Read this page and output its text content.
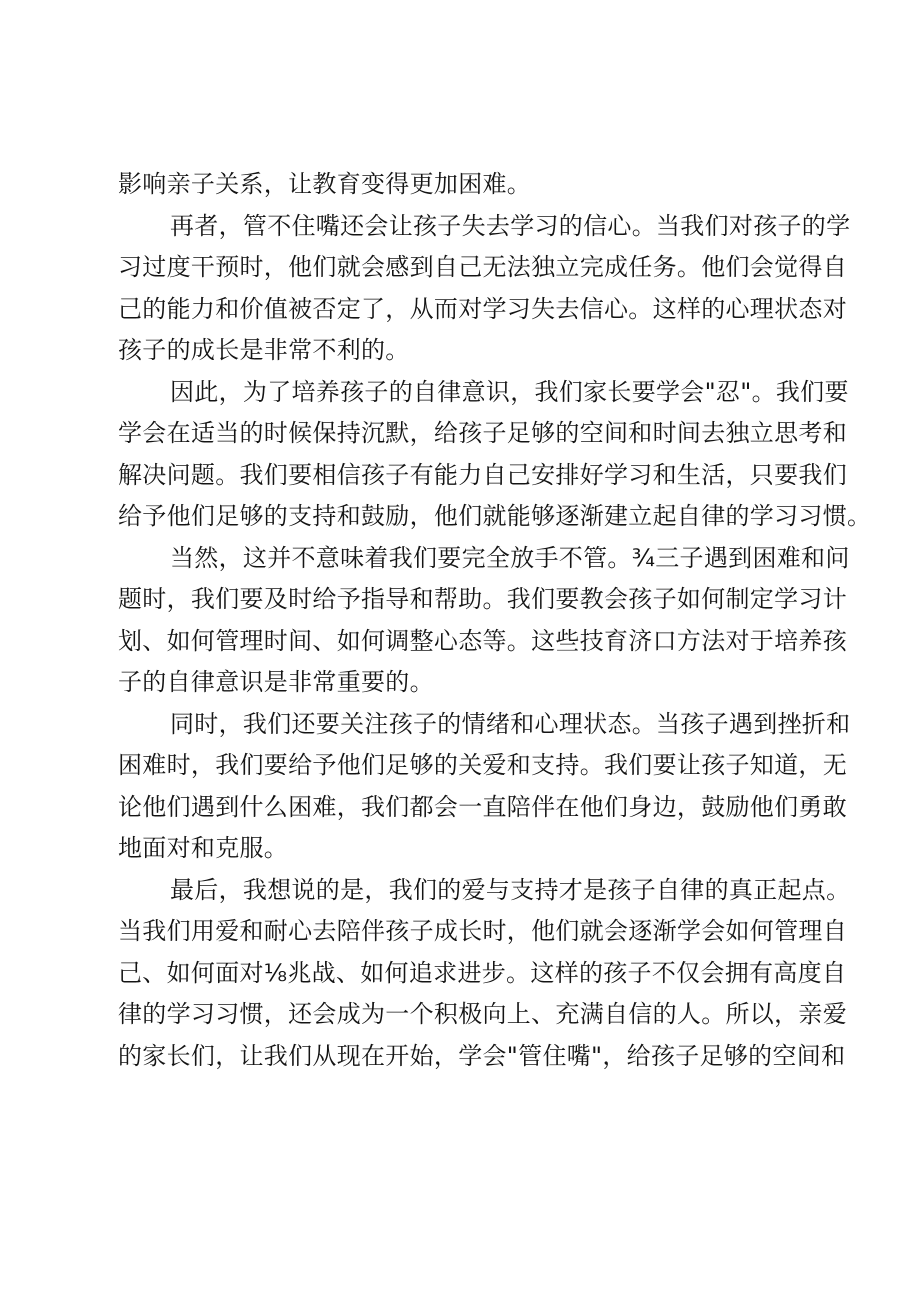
影响亲子关系，让教育变得更加困难。
再者，管不住嘴还会让孩子失去学习的信心。当我们对孩子的学
习过度干预时，他们就会感到自己无法独立完成任务。他们会觉得自
己的能力和价值被否定了，从而对学习失去信心。这样的心理状态对
孩子的成长是非常不利的。
因此，为了培养孩子的自律意识，我们家长要学会"忍"。我们要
学会在适当的时候保持沉默，给孩子足够的空间和时间去独立思考和
解决问题。我们要相信孩子有能力自己安排好学习和生活，只要我们
给予他们足够的支持和鼓励，他们就能够逐渐建立起自律的学习习惯。
当然，这并不意味着我们要完全放手不管。¾三子遇到困难和问
题时，我们要及时给予指导和帮助。我们要教会孩子如何制定学习计
划、如何管理时间、如何调整心态等。这些技育济口方法对于培养孩
子的自律意识是非常重要的。
同时，我们还要关注孩子的情绪和心理状态。当孩子遇到挫折和
困难时，我们要给予他们足够的关爱和支持。我们要让孩子知道，无
论他们遇到什么困难，我们都会一直陪伴在他们身边，鼓励他们勇敢
地面对和克服。
最后，我想说的是，我们的爱与支持才是孩子自律的真正起点。
当我们用爱和耐心去陪伴孩子成长时，他们就会逐渐学会如何管理自
己、如何面对⅛兆战、如何追求进步。这样的孩子不仅会拥有高度自
律的学习习惯，还会成为一个积极向上、充满自信的人。所以，亲爱
的家长们，让我们从现在开始，学会"管住嘴"，给孩子足够的空间和
